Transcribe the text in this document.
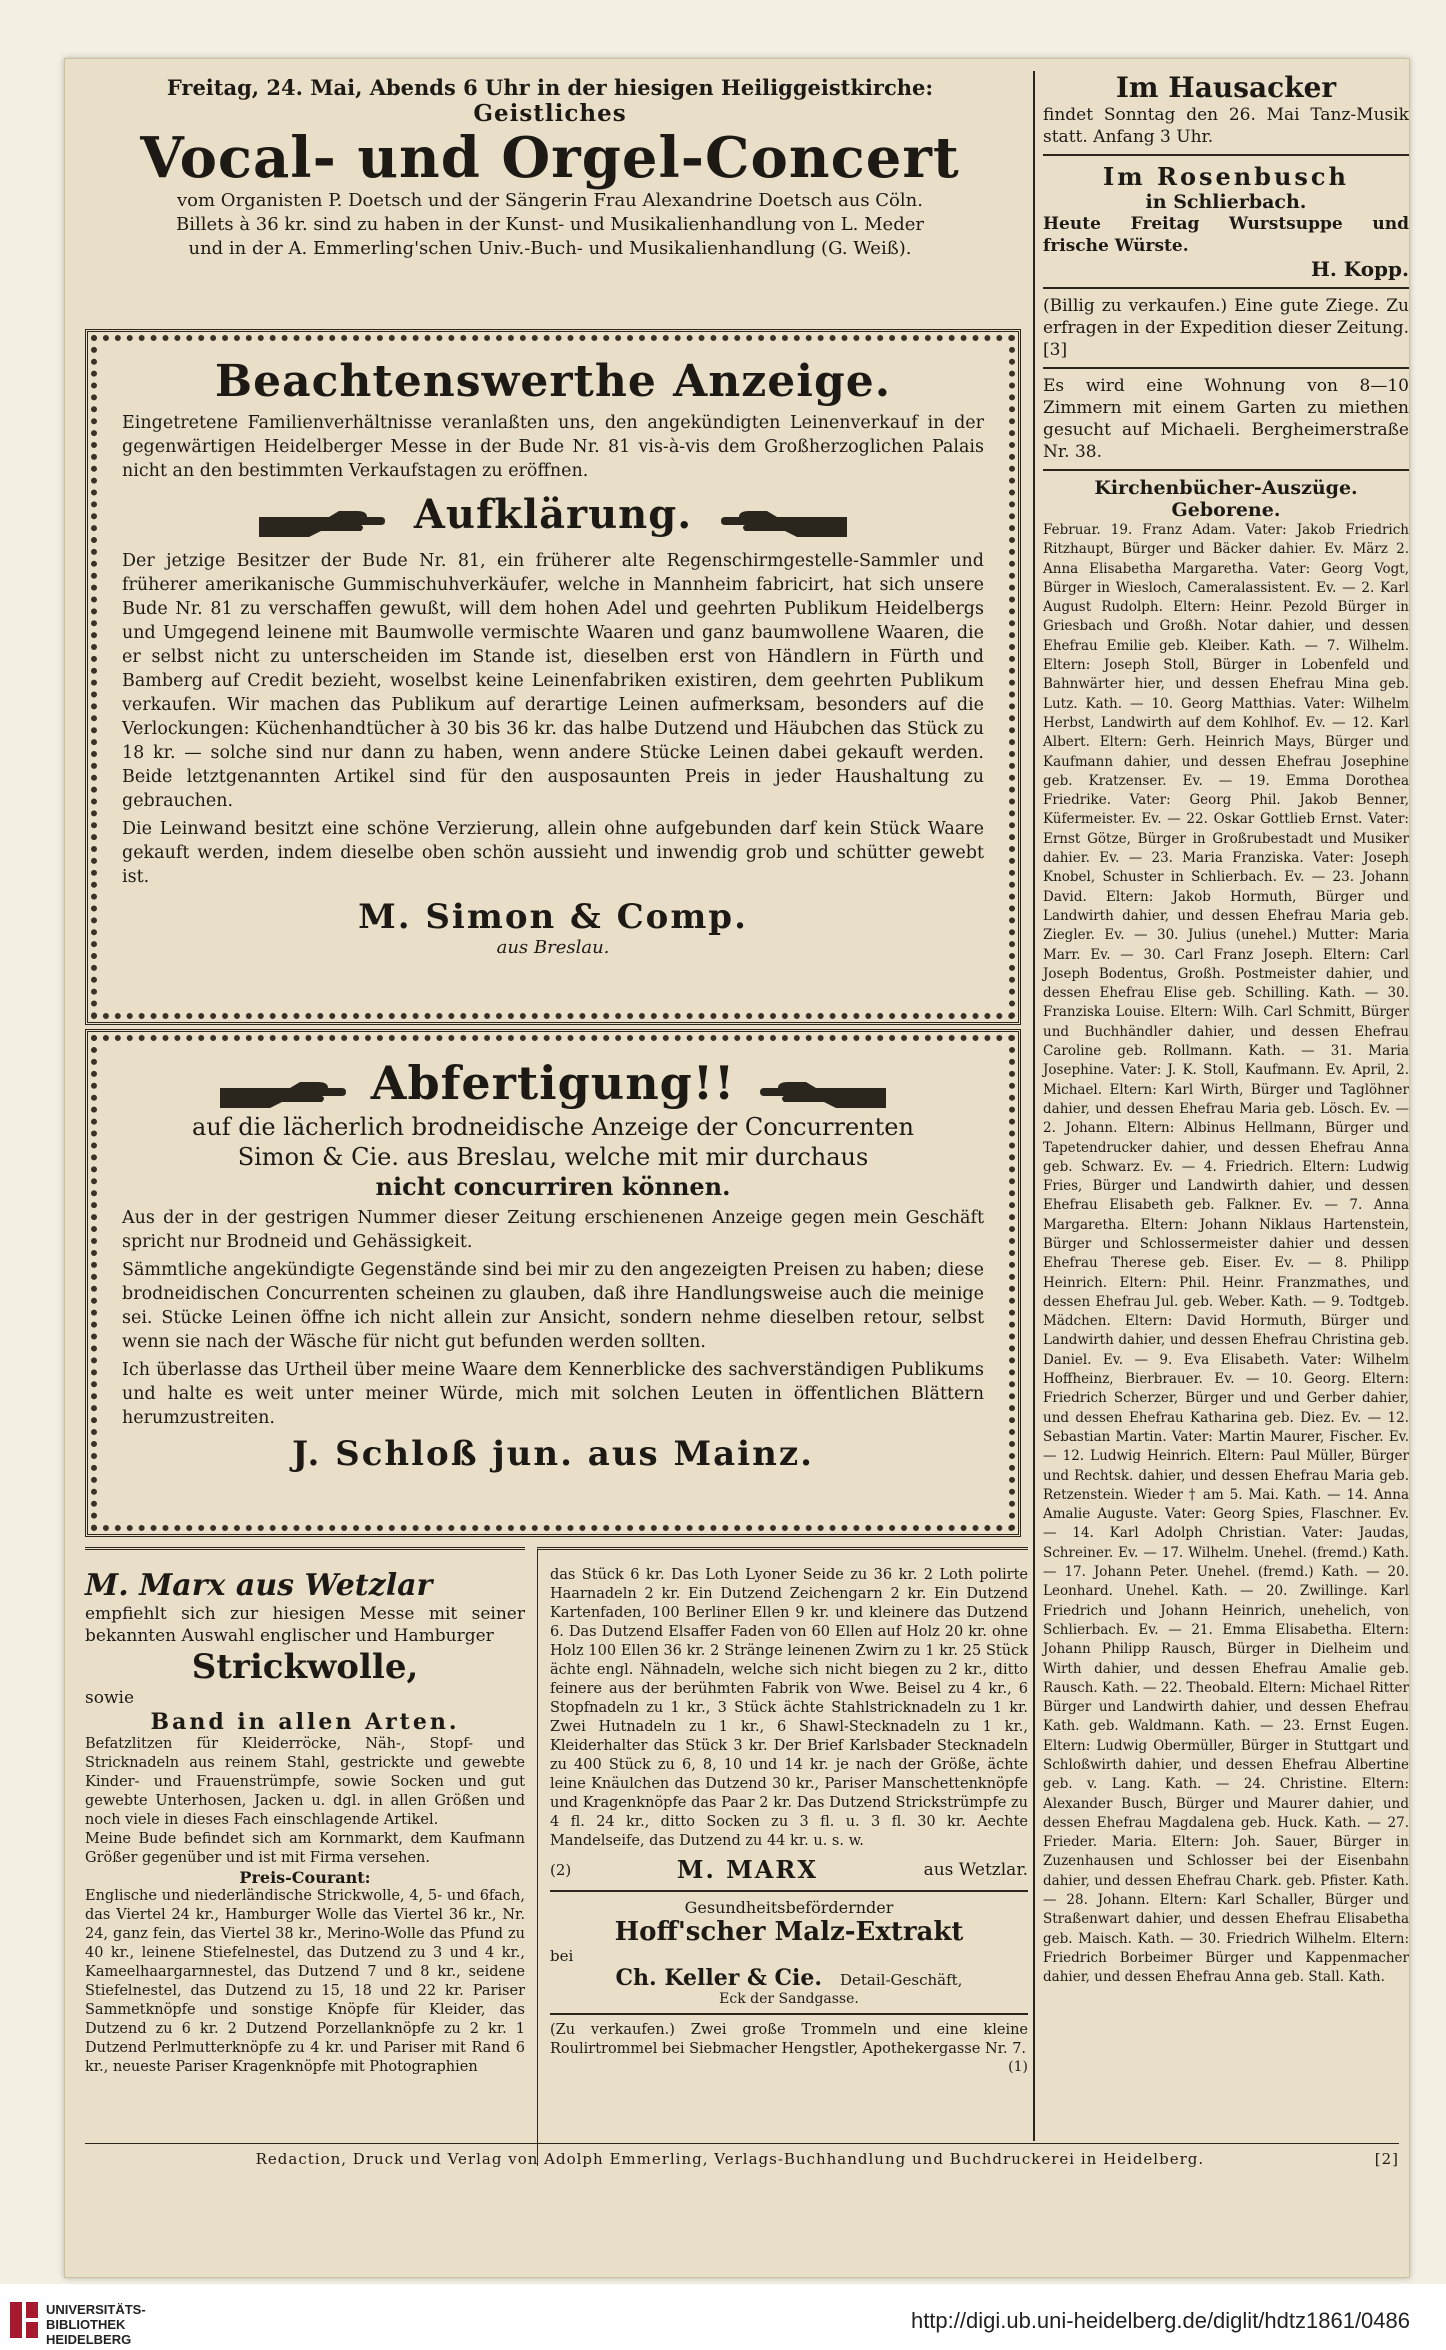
Freitag, 24. Mai, Abends 6 Uhr in der hiesigen Heiliggeistkirche:
Geistliches
Vocal- und Orgel-Concert
vom Organisten P. Doetsch und der Sängerin Frau Alexandrine Doetsch aus Cöln.
Billets à 36 kr. sind zu haben in der Kunst- und Musikalienhandlung von L. Meder
und in der A. Emmerling'schen Univ.-Buch- und Musikalienhandlung (G. Weiß).
Beachtenswerthe Anzeige.
Eingetretene Familienverhältnisse veranlaßten uns, den angekündigten Leinenverkauf in der gegenwärtigen Heidelberger Messe in der Bude Nr. 81 vis-à-vis dem Großherzoglichen Palais nicht an den bestimmten Verkaufstagen zu eröffnen.
Aufklärung.
Der jetzige Besitzer der Bude Nr. 81, ein früherer alte Regenschirmgestelle-Sammler und früherer amerikanische Gummischuhverkäufer, welche in Mannheim fabricirt, hat sich unsere Bude Nr. 81 zu verschaffen gewußt, will dem hohen Adel und geehrten Publikum Heidelbergs und Umgegend leinene mit Baumwolle vermischte Waaren und ganz baumwollene Waaren, die er selbst nicht zu unterscheiden im Stande ist, dieselben erst von Händlern in Fürth und Bamberg auf Credit bezieht, woselbst keine Leinenfabriken existiren, dem geehrten Publikum verkaufen. Wir machen das Publikum auf derartige Leinen aufmerksam, besonders auf die Verlockungen: Küchenhandtücher à 30 bis 36 kr. das halbe Dutzend und Häubchen das Stück zu 18 kr. — solche sind nur dann zu haben, wenn andere Stücke Leinen dabei gekauft werden. Beide letztgenannten Artikel sind für den ausposaunten Preis in jeder Haushaltung zu gebrauchen.
Die Leinwand besitzt eine schöne Verzierung, allein ohne aufgebunden darf kein Stück Waare gekauft werden, indem dieselbe oben schön aussieht und inwendig grob und schütter gewebt ist.
M. Simon & Comp.
aus Breslau.
Abfertigung!!
auf die lächerlich brodneidische Anzeige der Concurrenten
Simon & Cie. aus Breslau, welche mit mir durchaus
nicht concurriren können.
Aus der in der gestrigen Nummer dieser Zeitung erschienenen Anzeige gegen mein Geschäft spricht nur Brodneid und Gehässigkeit.
Sämmtliche angekündigte Gegenstände sind bei mir zu den angezeigten Preisen zu haben; diese brodneidischen Concurrenten scheinen zu glauben, daß ihre Handlungsweise auch die meinige sei. Stücke Leinen öffne ich nicht allein zur Ansicht, sondern nehme dieselben retour, selbst wenn sie nach der Wäsche für nicht gut befunden werden sollten.
Ich überlasse das Urtheil über meine Waare dem Kennerblicke des sachverständigen Publikums und halte es weit unter meiner Würde, mich mit solchen Leuten in öffentlichen Blättern herumzustreiten.
J. Schloß jun. aus Mainz.
M. Marx aus Wetzlar
empfiehlt sich zur hiesigen Messe mit seiner bekannten Auswahl englischer und Hamburger
Strickwolle,
sowie
Band in allen Arten.
Befatzlitzen für Kleiderröcke, Näh-, Stopf- und Stricknadeln aus reinem Stahl, gestrickte und gewebte Kinder- und Frauenstrümpfe, sowie Socken und gut gewebte Unterhosen, Jacken u. dgl. in allen Größen und noch viele in dieses Fach einschlagende Artikel.
Meine Bude befindet sich am Kornmarkt, dem Kaufmann Größer gegenüber und ist mit Firma versehen.
Preis-Courant:
Englische und niederländische Strickwolle, 4, 5- und 6fach, das Viertel 24 kr., Hamburger Wolle das Viertel 36 kr., Nr. 24, ganz fein, das Viertel 38 kr., Merino-Wolle das Pfund zu 40 kr., leinene Stiefelnestel, das Dutzend zu 3 und 4 kr., Kameelhaargarnnestel, das Dutzend 7 und 8 kr., seidene Stiefelnestel, das Dutzend zu 15, 18 und 22 kr. Pariser Sammetknöpfe und sonstige Knöpfe für Kleider, das Dutzend zu 6 kr. 2 Dutzend Porzellanknöpfe zu 2 kr. 1 Dutzend Perlmutterknöpfe zu 4 kr. und Pariser mit Rand 6 kr., neueste Pariser Kragenknöpfe mit Photographien
das Stück 6 kr. Das Loth Lyoner Seide zu 36 kr. 2 Loth polirte Haarnadeln 2 kr. Ein Dutzend Zeichengarn 2 kr. Ein Dutzend Kartenfaden, 100 Berliner Ellen 9 kr. und kleinere das Dutzend 6. Das Dutzend Elsaffer Faden von 60 Ellen auf Holz 20 kr. ohne Holz 100 Ellen 36 kr. 2 Stränge leinenen Zwirn zu 1 kr. 25 Stück ächte engl. Nähnadeln, welche sich nicht biegen zu 2 kr., ditto feinere aus der berühmten Fabrik von Wwe. Beisel zu 4 kr., 6 Stopfnadeln zu 1 kr., 3 Stück ächte Stahlstricknadeln zu 1 kr. Zwei Hutnadeln zu 1 kr., 6 Shawl-Stecknadeln zu 1 kr., Kleiderhalter das Stück 3 kr. Der Brief Karlsbader Stecknadeln zu 400 Stück zu 6, 8, 10 und 14 kr. je nach der Größe, ächte leine Knäulchen das Dutzend 30 kr., Pariser Manschettenknöpfe und Kragenknöpfe das Paar 2 kr. Das Dutzend Strickstrümpfe zu 4 fl. 24 kr., ditto Socken zu 3 fl. u. 3 fl. 30 kr. Aechte Mandelseife, das Dutzend zu 44 kr. u. s. w.
(2)	M. MARX	aus Wetzlar.
Gesundheitsbefördernder
Hoff'scher Malz-Extrakt
bei
Ch. Keller & Cie. Detail-Geschäft,
Eck der Sandgasse.
(Zu verkaufen.) Zwei große Trommeln und eine kleine Roulirtrommel bei Siebmacher Hengstler, Apothekergasse Nr. 7.
(1)
Im Hausacker
findet Sonntag den 26. Mai Tanz-Musik statt. Anfang 3 Uhr.
Im Rosenbusch
in Schlierbach.
Heute Freitag Wurstsuppe und frische Würste.
H. Kopp.
(Billig zu verkaufen.) Eine gute Ziege. Zu erfragen in der Expedition dieser Zeitung. [3]
Es wird eine Wohnung von 8—10 Zimmern mit einem Garten zu miethen gesucht auf Michaeli. Bergheimerstraße Nr. 38.
Kirchenbücher-Auszüge.
Geborene.
Februar. 19. Franz Adam. Vater: Jakob Friedrich Ritzhaupt, Bürger und Bäcker dahier. Ev. März 2. Anna Elisabetha Margaretha. Vater: Georg Vogt, Bürger in Wiesloch, Cameralassistent. Ev. — 2. Karl August Rudolph. Eltern: Heinr. Pezold Bürger in Griesbach und Großh. Notar dahier, und dessen Ehefrau Emilie geb. Kleiber. Kath. — 7. Wilhelm. Eltern: Joseph Stoll, Bürger in Lobenfeld und Bahnwärter hier, und dessen Ehefrau Mina geb. Lutz. Kath. — 10. Georg Matthias. Vater: Wilhelm Herbst, Landwirth auf dem Kohlhof. Ev. — 12. Karl Albert. Eltern: Gerh. Heinrich Mays, Bürger und Kaufmann dahier, und dessen Ehefrau Josephine geb. Kratzenser. Ev. — 19. Emma Dorothea Friedrike. Vater: Georg Phil. Jakob Benner, Küfermeister. Ev. — 22. Oskar Gottlieb Ernst. Vater: Ernst Götze, Bürger in Großrubestadt und Musiker dahier. Ev. — 23. Maria Franziska. Vater: Joseph Knobel, Schuster in Schlierbach. Ev. — 23. Johann David. Eltern: Jakob Hormuth, Bürger und Landwirth dahier, und dessen Ehefrau Maria geb. Ziegler. Ev. — 30. Julius (unehel.) Mutter: Maria Marr. Ev. — 30. Carl Franz Joseph. Eltern: Carl Joseph Bodentus, Großh. Postmeister dahier, und dessen Ehefrau Elise geb. Schilling. Kath. — 30. Franziska Louise. Eltern: Wilh. Carl Schmitt, Bürger und Buchhändler dahier, und dessen Ehefrau Caroline geb. Rollmann. Kath. — 31. Maria Josephine. Vater: J. K. Stoll, Kaufmann. Ev. April, 2. Michael. Eltern: Karl Wirth, Bürger und Taglöhner dahier, und dessen Ehefrau Maria geb. Lösch. Ev. — 2. Johann. Eltern: Albinus Hellmann, Bürger und Tapetendrucker dahier, und dessen Ehefrau Anna geb. Schwarz. Ev. — 4. Friedrich. Eltern: Ludwig Fries, Bürger und Landwirth dahier, und dessen Ehefrau Elisabeth geb. Falkner. Ev. — 7. Anna Margaretha. Eltern: Johann Niklaus Hartenstein, Bürger und Schlossermeister dahier und dessen Ehefrau Therese geb. Eiser. Ev. — 8. Philipp Heinrich. Eltern: Phil. Heinr. Franzmathes, und dessen Ehefrau Jul. geb. Weber. Kath. — 9. Todtgeb. Mädchen. Eltern: David Hormuth, Bürger und Landwirth dahier, und dessen Ehefrau Christina geb. Daniel. Ev. — 9. Eva Elisabeth. Vater: Wilhelm Hoffheinz, Bierbrauer. Ev. — 10. Georg. Eltern: Friedrich Scherzer, Bürger und und Gerber dahier, und dessen Ehefrau Katharina geb. Diez. Ev. — 12. Sebastian Martin. Vater: Martin Maurer, Fischer. Ev. — 12. Ludwig Heinrich. Eltern: Paul Müller, Bürger und Rechtsk. dahier, und dessen Ehefrau Maria geb. Retzenstein. Wieder † am 5. Mai. Kath. — 14. Anna Amalie Auguste. Vater: Georg Spies, Flaschner. Ev. — 14. Karl Adolph Christian. Vater: Jaudas, Schreiner. Ev. — 17. Wilhelm. Unehel. (fremd.) Kath. — 17. Johann Peter. Unehel. (fremd.) Kath. — 20. Leonhard. Unehel. Kath. — 20. Zwillinge. Karl Friedrich und Johann Heinrich, unehelich, von Schlierbach. Ev. — 21. Emma Elisabetha. Eltern: Johann Philipp Rausch, Bürger in Dielheim und Wirth dahier, und dessen Ehefrau Amalie geb. Rausch. Kath. — 22. Theobald. Eltern: Michael Ritter Bürger und Landwirth dahier, und dessen Ehefrau Kath. geb. Waldmann. Kath. — 23. Ernst Eugen. Eltern: Ludwig Obermüller, Bürger in Stuttgart und Schloßwirth dahier, und dessen Ehefrau Albertine geb. v. Lang. Kath. — 24. Christine. Eltern: Alexander Busch, Bürger und Maurer dahier, und dessen Ehefrau Magdalena geb. Huck. Kath. — 27. Frieder. Maria. Eltern: Joh. Sauer, Bürger in Zuzenhausen und Schlosser bei der Eisenbahn dahier, und dessen Ehefrau Chark. geb. Pfister. Kath. — 28. Johann. Eltern: Karl Schaller, Bürger und Straßenwart dahier, und dessen Ehefrau Elisabetha geb. Maisch. Kath. — 30. Friedrich Wilhelm. Eltern: Friedrich Borbeimer Bürger und Kappenmacher dahier, und dessen Ehefrau Anna geb. Stall. Kath.
Redaction, Druck und Verlag von Adolph Emmerling, Verlags-Buchhandlung und Buchdruckerei in Heidelberg.	[2]
UNIVERSITÄTS-
BIBLIOTHEK
HEIDELBERG
http://digi.ub.uni-heidelberg.de/diglit/hdtz1861/0486
